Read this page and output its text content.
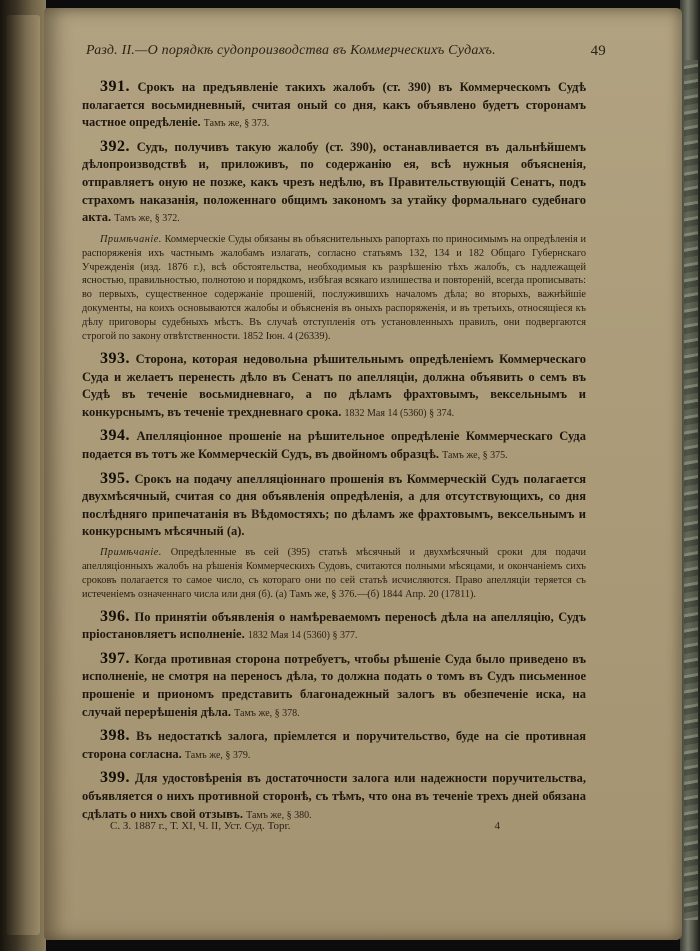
Разд. II.—О порядкѣ судопроизводства въ Коммерческихъ Судахъ.	49

391. Срокъ на предъявленіе такихъ жалобъ (ст. 390) въ Коммерческомъ Судѣ полагается восьмидневный, считая оный со дня, какъ объявлено будетъ сторонамъ частное опредѣленіе. Тамъ же, § 373.

392. Судъ, получивъ такую жалобу (ст. 390), останавливается въ дальнѣйшемъ дѣлопроизводствѣ и, приложивъ, по содержанію ея, всѣ нужныя объясненія, отправляетъ оную не позже, какъ чрезъ недѣлю, въ Правительствующій Сенатъ, подъ страхомъ наказанія, положеннаго общимъ закономъ за утайку формальнаго судебнаго акта. Тамъ же, § 372.

Примѣчаніе. Коммерческіе Суды обязаны въ объяснительныхъ рапортахъ по приносимымъ на опредѣленія и распоряженія ихъ частнымъ жалобамъ излагать, согласно статьямъ 132, 134 и 182 Общаго Губернскаго Учрежденія (изд. 1876 г.), всѣ обстоятельства, необходимыя къ разрѣшенію тѣхъ жалобъ, съ надлежащей ясностью, правильностью, полнотою и порядкомъ, избѣгая всякаго излишества и повтореній, всегда прописывать: во первыхъ, существенное содержаніе прошеній, послужившихъ началомъ дѣла; во вторыхъ, важнѣйшіе документы, на коихъ основываются жалобы и объясненія въ оныхъ распоряженія, и въ третьихъ, относящіеся къ дѣлу приговоры судебныхъ мѣстъ. Въ случаѣ отступленія отъ установленныхъ правилъ, они подвергаются строгой по закону отвѣтственности. 1852 Іюн. 4 (26339).

393. Сторона, которая недовольна рѣшительнымъ опредѣленіемъ Коммерческаго Суда и желаетъ перенесть дѣло въ Сенатъ по апелляціи, должна объявить о семъ въ Судѣ въ теченіе восьмидневнаго, а по дѣламъ фрахтовымъ, вексельнымъ и конкурснымъ, въ теченіе трехдневнаго срока. 1832 Мая 14 (5360) § 374.

394. Апелляціонное прошеніе на рѣшительное опредѣленіе Коммерческаго Суда подается въ тотъ же Коммерческій Судъ, въ двойномъ образцѣ. Тамъ же, § 375.

395. Срокъ на подачу апелляціоннаго прошенія въ Коммерческій Судъ полагается двухмѣсячный, считая со дня объявленія опредѣленія, а для отсутствующихъ, со дня послѣдняго припечатанія въ Вѣдомостяхъ; по дѣламъ же фрахтовымъ, вексельнымъ и конкурснымъ мѣсячный (а).

Примѣчаніе. Опредѣленные въ сей (395) статьѣ мѣсячный и двухмѣсячный сроки для подачи апелляціонныхъ жалобъ на рѣшенія Коммерческихъ Судовъ, считаются полными мѣсяцами, и окончаніемъ сихъ сроковъ полагается то самое число, съ котораго они по сей статьѣ исчисляются. Право апелляціи теряется съ истеченіемъ означеннаго числа или дня (б). (а) Тамъ же, § 376.—(б) 1844 Апр. 20 (17811).

396. По принятіи объявленія о намѣреваемомъ переносѣ дѣла на апелляцію, Судъ пріостановляетъ исполненіе. 1832 Мая 14 (5360) § 377.

397. Когда противная сторона потребуетъ, чтобы рѣшеніе Суда было приведено въ исполненіе, не смотря на переносъ дѣла, то должна подать о томъ въ Судъ письменное прошеніе и приономъ представить благонадежный залогъ въ обезпеченіе иска, на случай перерѣшенія дѣла. Тамъ же, § 378.

398. Въ недостаткѣ залога, пріемлется и поручительство, буде на сіе противная сторона согласна. Тамъ же, § 379.

399. Для удостовѣренія въ достаточности залога или надежности поручительства, объявляется о нихъ противной сторонѣ, съ тѣмъ, что она въ теченіе трехъ дней обязана сдѣлать о нихъ свой отзывъ. Тамъ же, § 380.

С. З. 1887 г., Т. XI, Ч. II, Уст. Суд. Торг.	4
